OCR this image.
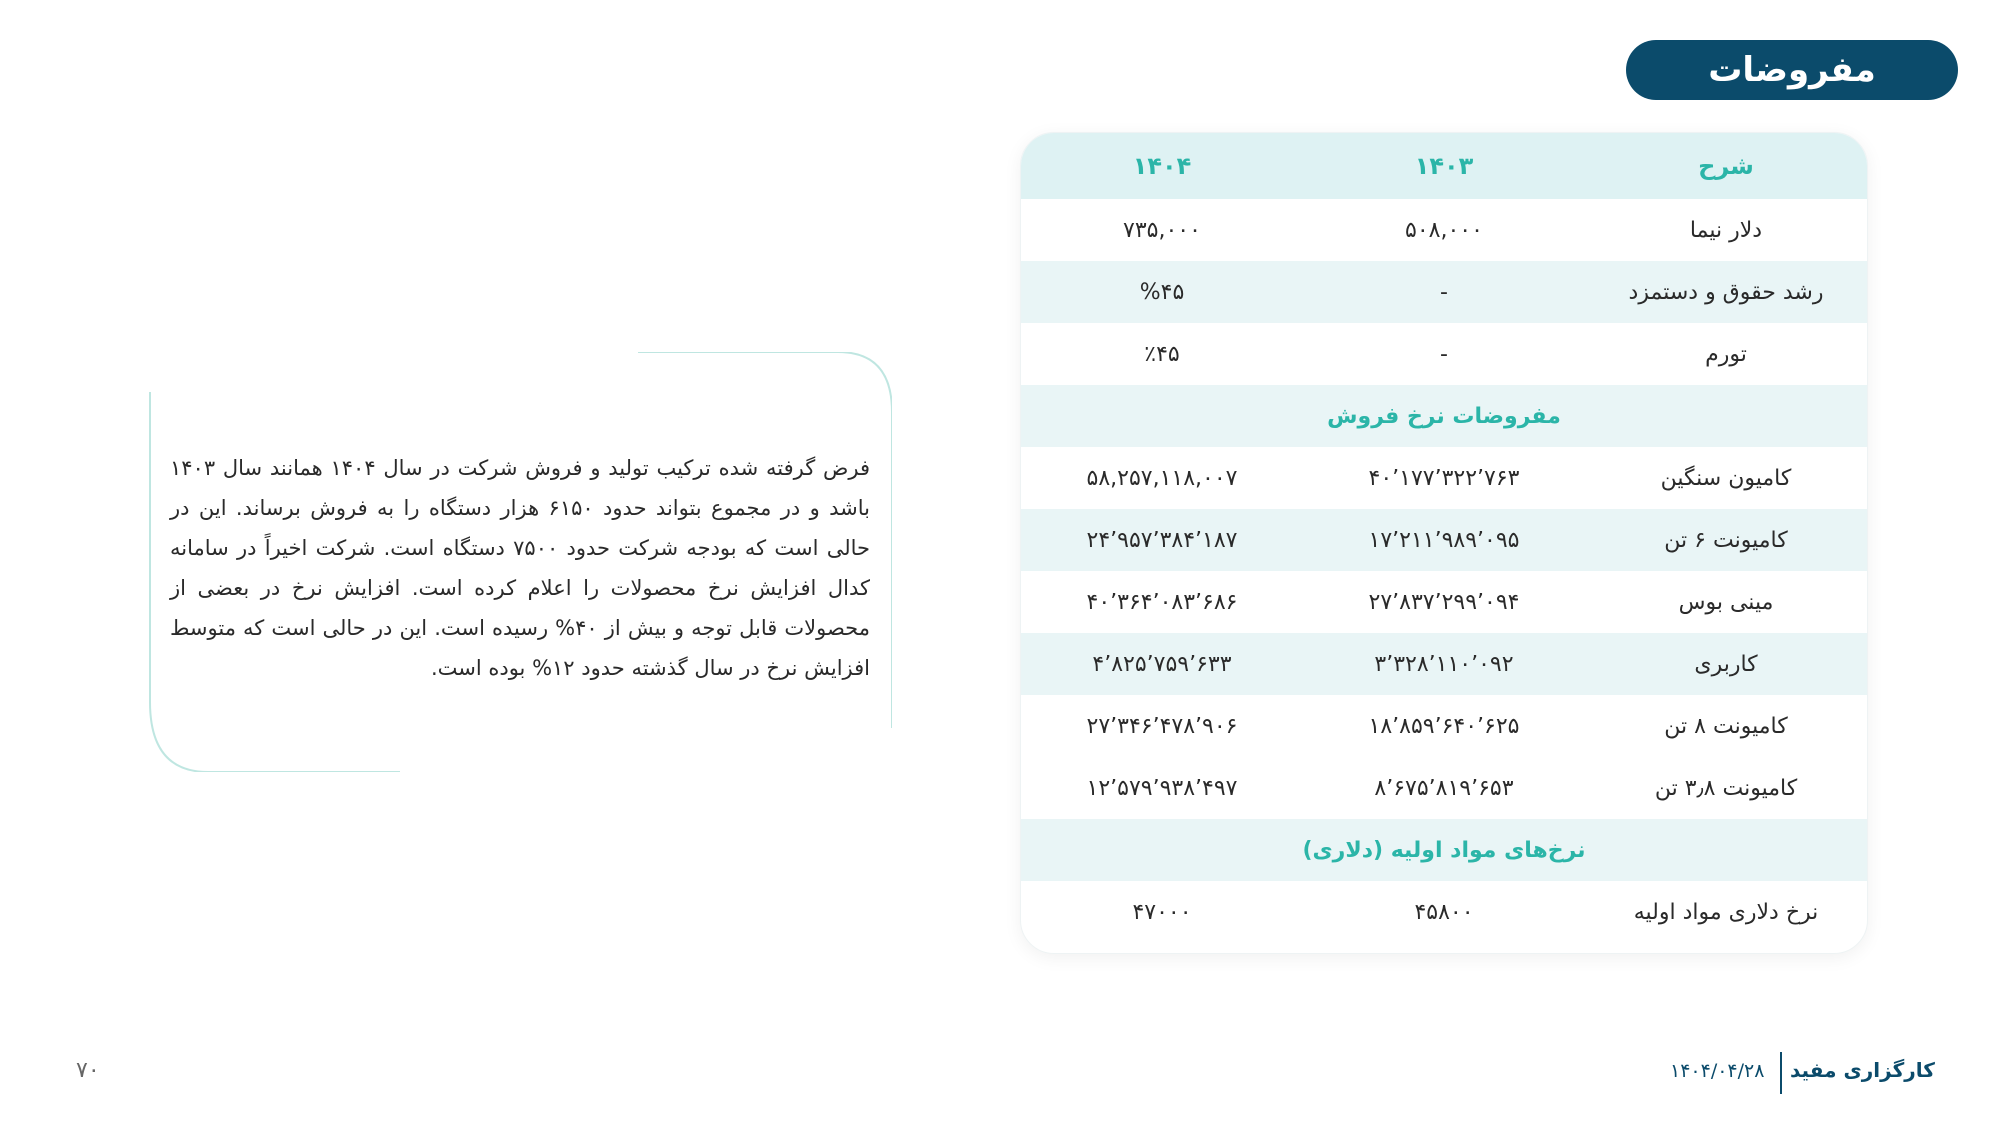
مفروضات
شرح
۱۴۰۳
۱۴۰۴
دلار نیما
۵۰۸,۰۰۰
۷۳۵,۰۰۰
رشد حقوق و دستمزد
-
%۴۵
تورم
-
٪۴۵
مفروضات نرخ فروش
کامیون سنگین
۴۰٬۱۷۷٬۳۲۲٬۷۶۳
۵۸,۲۵۷,۱۱۸,۰۰۷
کامیونت ۶ تن
۱۷٬۲۱۱٬۹۸۹٬۰۹۵
۲۴٬۹۵۷٬۳۸۴٬۱۸۷
مینی بوس
۲۷٬۸۳۷٬۲۹۹٬۰۹۴
۴۰٬۳۶۴٬۰۸۳٬۶۸۶
کاربری
۳٬۳۲۸٬۱۱۰٬۰۹۲
۴٬۸۲۵٬۷۵۹٬۶۳۳
کامیونت ۸ تن
۱۸٬۸۵۹٬۶۴۰٬۶۲۵
۲۷٬۳۴۶٬۴۷۸٬۹۰۶
کامیونت ۳٫۸ تن
۸٬۶۷۵٬۸۱۹٬۶۵۳
۱۲٬۵۷۹٬۹۳۸٬۴۹۷
نرخ‌های مواد اولیه (دلاری)
نرخ دلاری مواد اولیه
۴۵۸۰۰
۴۷۰۰۰
فرض گرفته شده ترکیب تولید و فروش شرکت در سال ۱۴۰۴ همانند سال ۱۴۰۳ باشد و در مجموع بتواند حدود ۶۱۵۰ هزار دستگاه را به فروش برساند. این در حالی است که بودجه شرکت حدود ۷۵۰۰ دستگاه است. شرکت اخیراً در سامانه کدال افزایش نرخ محصولات را اعلام کرده است. افزایش نرخ در بعضی از محصولات قابل توجه و بیش از ۴۰% رسیده است. این در حالی است که متوسط افزایش نرخ در سال گذشته حدود ۱۲% بوده است.
کارگزاری مفید
۱۴۰۴/۰۴/۲۸
۷۰
